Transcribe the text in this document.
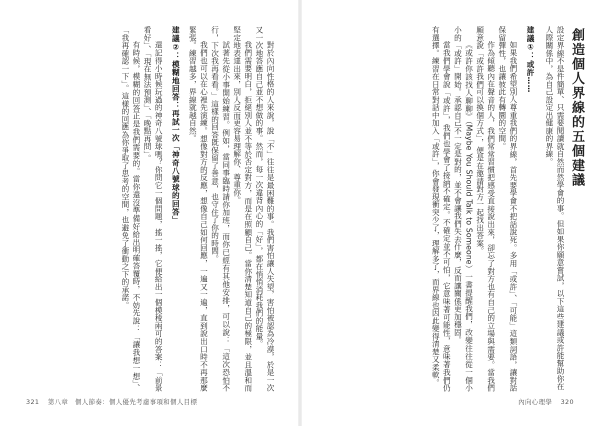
對於內向性格的人來說，說「不」往往是最困難的事。我們害怕讓人失望，害怕被認為冷漠，於是一次又一次地答應自己並不想做的事。然而，每一次違背內心的「好」，都在悄悄消耗我們的能量。

我們需要明白，拒絕別人並不等於否定對方，而是在照顧自己。當你清楚知道自己的極限，並且溫和而堅定地表達出來，別人反而更容易理解你、尊重你。

試著先從小事開始練習。例如，當同事臨時請你加班，而你已經有其他安排，可以說：「這次恐怕不行，下次我再看看。」這樣的回答既保留了善意，也守住了你的時間。

我們也可以在心裡先演練。想像對方的反應，想像自己如何回應，一遍又一遍，直到說出口時不再那麼緊張。練習越多，界線就越自然。

建議②：模糊地回答：再試一次「神奇八號球的回答」

還記得小時候玩過的神奇八號球嗎？你問它一個問題，搖一搖，它便給出一個模稜兩可的答案：「前景看好」、「現在無法預測」、「晚點再問」。

有時候，模糊的回答正是我們需要的。當你還沒準備好給出明確答覆時，不妨先說：「讓我想一想」、「我再確認一下」。這樣的回應為你爭取了思考的空間，也避免了衝動之下的承諾。

321 第八章　個人節奏：個人優先考慮事項和個人目標
創造個人界線的五個建議
設定界線不是件簡單、只需要閱讀就自然而然學會的事。但如果你願意嘗試，以下這些建議或許能幫助你在人際關係中，為自己設定出健康的界線。

建議①：或許……

如果我們希望別人尊重我們的界線，首先要學會不把話說死。多用「或許」、「可能」這類詞語，讓對話保留彈性，也讓彼此有轉圜的空間。

作為傾聽內在聲音的人，我們常常習慣把感受直接說出來，卻忘了對方也有自己的立場與需要。當我們願意說「或許我們可以換個方式」，便是在邀請對方一起找出答案。

《或許你該找人聊聊》（Maybe You Should Talk to Someone）一書提醒我們，改變往往從一個小小的「或許」開始。承認自己不一定是對的，並不會讓我們失去什麼，反而讓關係更加穩固。

當我們學會說「或許」，我們也學會了接納不確定。不確定並不可怕，它意味著可能性，意味著我們仍有選擇。練習在日常對話中加入「或許」，你會發現衝突少了，理解多了，而界線也因此變得清楚又柔軟。

內向心理學 320
